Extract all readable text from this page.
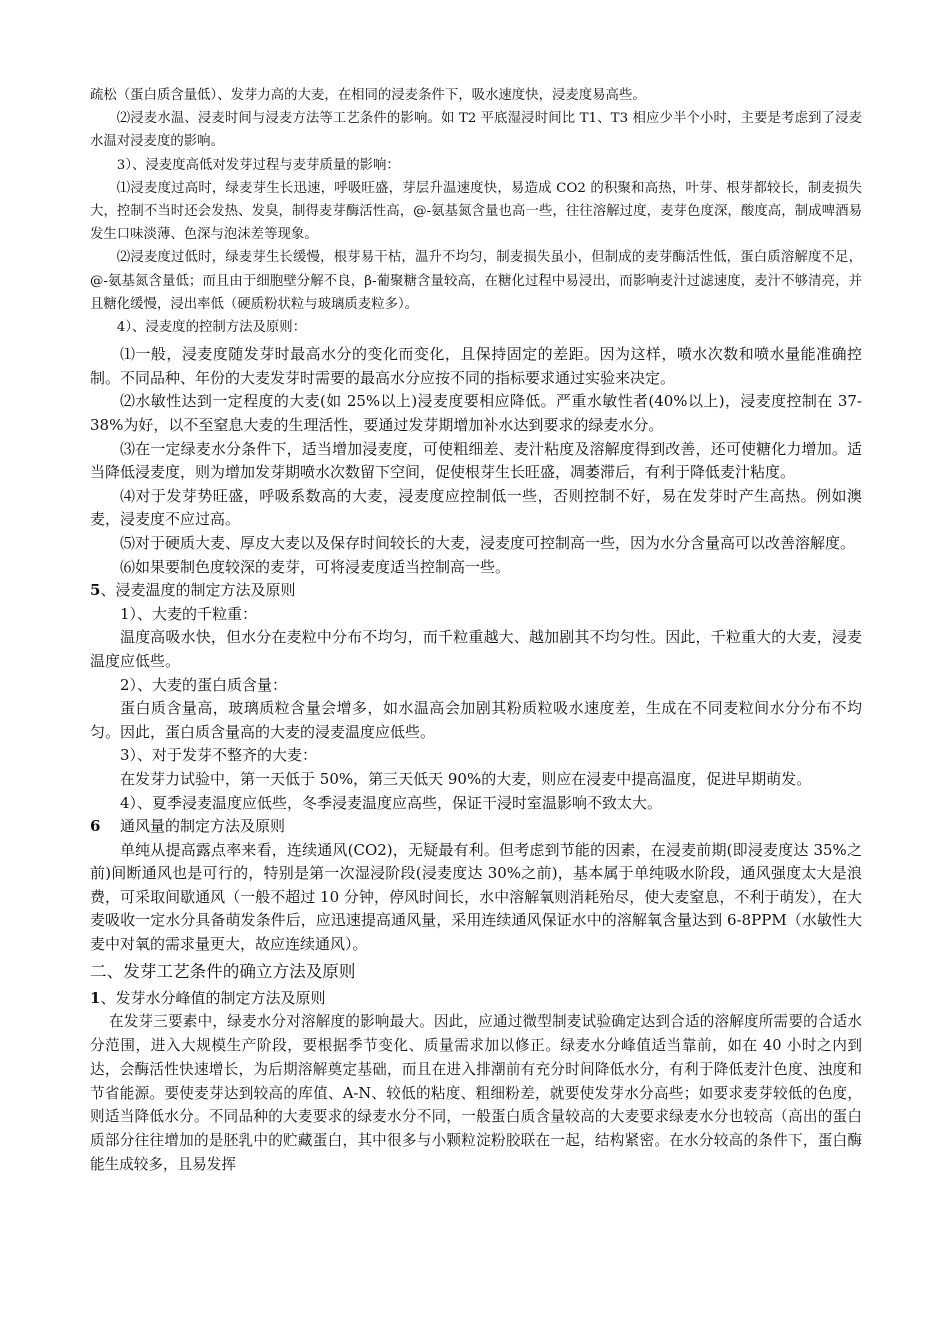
疏松（蛋白质含量低）、发芽力高的大麦，在相同的浸麦条件下，吸水速度快，浸麦度易高些。

⑵浸麦水温、浸麦时间与浸麦方法等工艺条件的影响。如 T2 平底湿浸时间比 T1、T3 相应少半个小时，主要是考虑到了浸麦水温对浸麦度的影响。

3）、浸麦度高低对发芽过程与麦芽质量的影响：

⑴浸麦度过高时，绿麦芽生长迅速，呼吸旺盛，芽层升温速度快，易造成 CO2 的积聚和高热，叶芽、根芽都较长，制麦损失大，控制不当时还会发热、发臭，制得麦芽酶活性高，@-氨基氮含量也高一些，往往溶解过度，麦芽色度深，酸度高，制成啤酒易发生口味淡薄、色深与泡沫差等现象。

⑵浸麦度过低时，绿麦芽生长缓慢，根芽易干枯，温升不均匀，制麦损失虽小，但制成的麦芽酶活性低，蛋白质溶解度不足，@-氨基氮含量低；而且由于细胞壁分解不良，β-葡聚糖含量较高，在糖化过程中易浸出，而影响麦汁过滤速度，麦汁不够清亮，并且糖化缓慢，浸出率低（硬质粉状粒与玻璃质麦粒多）。

4）、浸麦度的控制方法及原则：

⑴一般，浸麦度随发芽时最高水分的变化而变化，且保持固定的差距。因为这样，喷水次数和喷水量能准确控制。不同品种、年份的大麦发芽时需要的最高水分应按不同的指标要求通过实验来决定。

⑵水敏性达到一定程度的大麦(如 25%以上)浸麦度要相应降低。严重水敏性者(40%以上)，浸麦度控制在 37-38%为好，以不至窒息大麦的生理活性，要通过发芽期增加补水达到要求的绿麦水分。

⑶在一定绿麦水分条件下，适当增加浸麦度，可使粗细差、麦汁粘度及溶解度得到改善，还可使糖化力增加。适当降低浸麦度，则为增加发芽期喷水次数留下空间，促使根芽生长旺盛，凋萎滞后，有利于降低麦汁粘度。

⑷对于发芽势旺盛，呼吸系数高的大麦，浸麦度应控制低一些，否则控制不好，易在发芽时产生高热。例如澳麦，浸麦度不应过高。

⑸对于硬质大麦、厚皮大麦以及保存时间较长的大麦，浸麦度可控制高一些，因为水分含量高可以改善溶解度。

⑹如果要制色度较深的麦芽，可将浸麦度适当控制高一些。

5、浸麦温度的制定方法及原则

1）、大麦的千粒重：

温度高吸水快，但水分在麦粒中分布不均匀，而千粒重越大、越加剧其不均匀性。因此，千粒重大的大麦，浸麦温度应低些。

2）、大麦的蛋白质含量：

蛋白质含量高，玻璃质粒含量会增多，如水温高会加剧其粉质粒吸水速度差，生成在不同麦粒间水分分布不均匀。因此，蛋白质含量高的大麦的浸麦温度应低些。

3）、对于发芽不整齐的大麦：

在发芽力试验中，第一天低于 50%，第三天低天 90%的大麦，则应在浸麦中提高温度，促进早期萌发。

4）、夏季浸麦温度应低些，冬季浸麦温度应高些，保证干浸时室温影响不致太大。

6 通风量的制定方法及原则

单纯从提高露点率来看，连续通风(CO2)，无疑最有利。但考虑到节能的因素，在浸麦前期(即浸麦度达 35%之前)间断通风也是可行的，特别是第一次湿浸阶段(浸麦度达 30%之前)，基本属于单纯吸水阶段，通风强度太大是浪费，可采取间歇通风（一般不超过 10 分钟，停风时间长，水中溶解氧则消耗殆尽，使大麦窒息，不利于萌发），在大麦吸收一定水分具备萌发条件后，应迅速提高通风量，采用连续通风保证水中的溶解氧含量达到 6-8PPM（水敏性大麦中对氧的需求量更大，故应连续通风）。

二、发芽工艺条件的确立方法及原则

1、发芽水分峰值的制定方法及原则

在发芽三要素中，绿麦水分对溶解度的影响最大。因此，应通过微型制麦试验确定达到合适的溶解度所需要的合适水分范围，进入大规模生产阶段，要根据季节变化、质量需求加以修正。绿麦水分峰值适当靠前，如在 40 小时之内到达，会酶活性快速增长，为后期溶解奠定基础，而且在进入排潮前有充分时间降低水分，有利于降低麦汁色度、浊度和节省能源。要使麦芽达到较高的库值、A-N、较低的粘度、粗细粉差，就要使发芽水分高些；如要求麦芽较低的色度，则适当降低水分。不同品种的大麦要求的绿麦水分不同，一般蛋白质含量较高的大麦要求绿麦水分也较高（高出的蛋白质部分往往增加的是胚乳中的贮藏蛋白，其中很多与小颗粒淀粉胶联在一起，结构紧密。在水分较高的条件下，蛋白酶能生成较多，且易发挥
